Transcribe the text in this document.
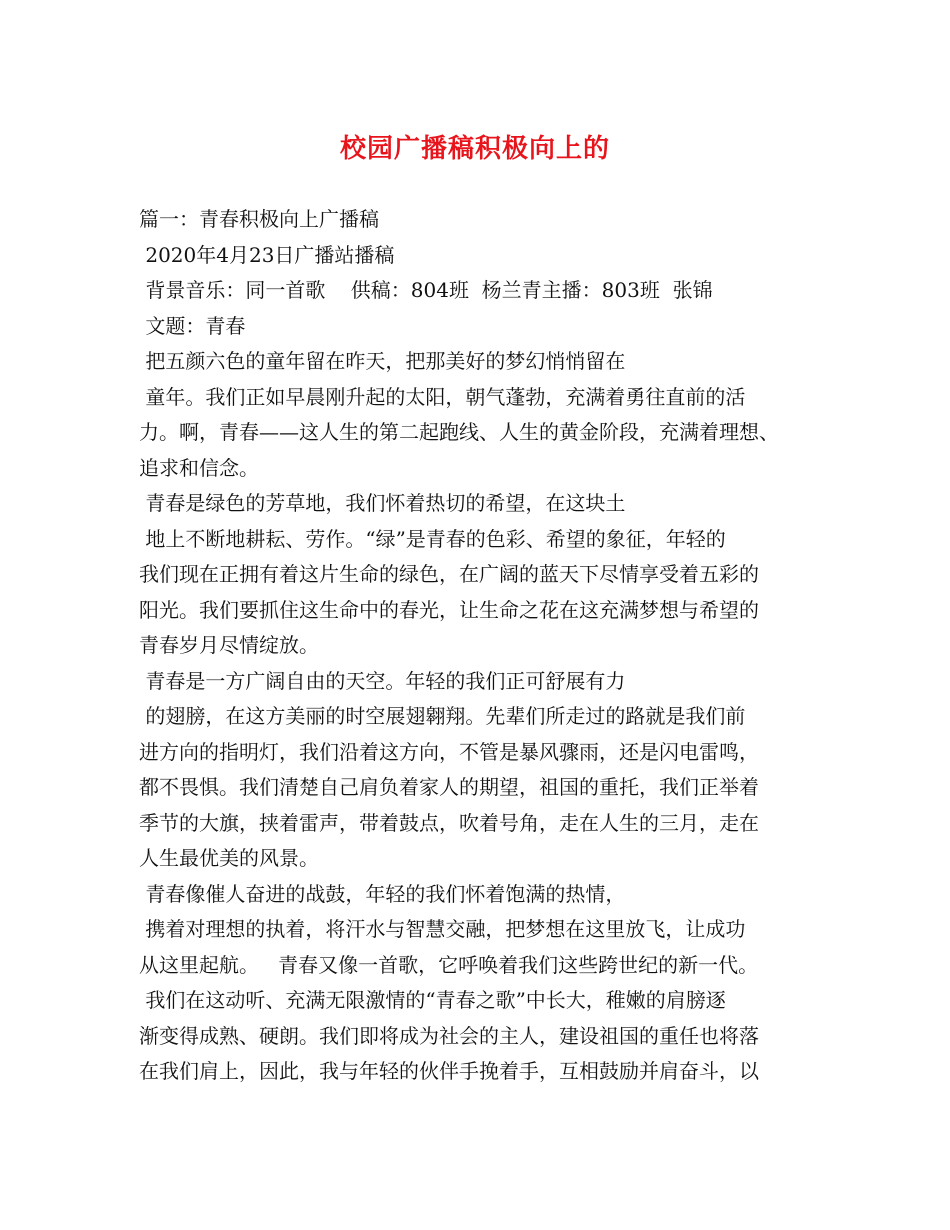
校园广播稿积极向上的
篇一：青春积极向上广播稿
2020年4月23日广播站播稿
背景音乐：同一首歌    供稿：804班  杨兰青主播：803班  张锦
文题：青春
把五颜六色的童年留在昨天，把那美好的梦幻悄悄留在
童年。我们正如早晨刚升起的太阳，朝气蓬勃，充满着勇往直前的活
力。啊，青春——这人生的第二起跑线、人生的黄金阶段，充满着理想、
追求和信念。
青春是绿色的芳草地，我们怀着热切的希望，在这块土
地上不断地耕耘、劳作。“绿”是青春的色彩、希望的象征，年轻的
我们现在正拥有着这片生命的绿色，在广阔的蓝天下尽情享受着五彩的
阳光。我们要抓住这生命中的春光，让生命之花在这充满梦想与希望的
青春岁月尽情绽放。
青春是一方广阔自由的天空。年轻的我们正可舒展有力
的翅膀，在这方美丽的时空展翅翱翔。先辈们所走过的路就是我们前
进方向的指明灯，我们沿着这方向，不管是暴风骤雨，还是闪电雷鸣，
都不畏惧。我们清楚自己肩负着家人的期望，祖国的重托，我们正举着
季节的大旗，挟着雷声，带着鼓点，吹着号角，走在人生的三月，走在
人生最优美的风景。
青春像催人奋进的战鼓，年轻的我们怀着饱满的热情，
携着对理想的执着，将汗水与智慧交融，把梦想在这里放飞，让成功
从这里起航。   青春又像一首歌，它呼唤着我们这些跨世纪的新一代。
我们在这动听、充满无限激情的“青春之歌”中长大，稚嫩的肩膀逐
渐变得成熟、硬朗。我们即将成为社会的主人，建设祖国的重任也将落
在我们肩上，因此，我与年轻的伙伴手挽着手，互相鼓励并肩奋斗，以
